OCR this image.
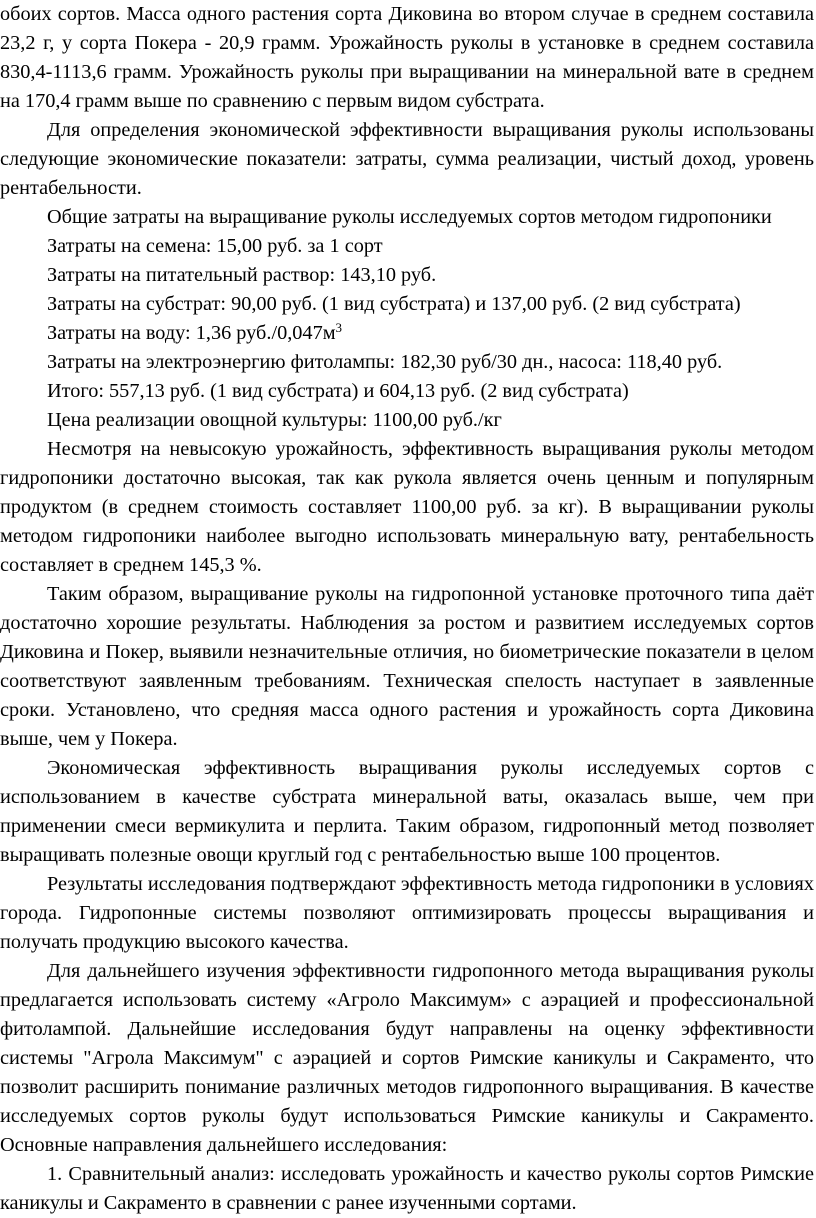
обоих сортов. Масса одного растения сорта Диковина во втором случае в среднем составила 23,2 г, у сорта Покера - 20,9 грамм. Урожайность руколы в установке в среднем составила 830,4-1113,6 грамм. Урожайность руколы при выращивании на минеральной вате в среднем на 170,4 грамм выше по сравнению с первым видом субстрата.

Для определения экономической эффективности выращивания руколы использованы следующие экономические показатели: затраты, сумма реализации, чистый доход, уровень рентабельности.

Общие затраты на выращивание руколы исследуемых сортов методом гидропоники

Затраты на семена: 15,00 руб. за 1 сорт

Затраты на питательный раствор: 143,10 руб.

Затраты на субстрат: 90,00 руб. (1 вид субстрата) и 137,00 руб. (2 вид субстрата)

Затраты на воду: 1,36 $руб./0,047м^3$

Затраты на электроэнергию фитолампы: 182,30 руб/30 дн., насоса: 118,40 руб.

Итого: 557,13 руб. (1 вид субстрата) и 604,13 руб. (2 вид субстрата)

Цена реализации овощной культуры: 1100,00 руб./кг

Несмотря на невысокую урожайность, эффективность выращивания руколы методом гидропоники достаточно высокая, так как рукола является очень ценным и популярным продуктом (в среднем стоимость составляет 1100,00 руб. за кг). В выращивании руколы методом гидропоники наиболее выгодно использовать минеральную вату, рентабельность составляет в среднем 145,3 %.

Таким образом, выращивание руколы на гидропонной установке проточного типа даёт достаточно хорошие результаты. Наблюдения за ростом и развитием исследуемых сортов Диковина и Покер, выявили незначительные отличия, но биометрические показатели в целом соответствуют заявленным требованиям. Техническая спелость наступает в заявленные сроки. Установлено, что средняя масса одного растения и урожайность сорта Диковина выше, чем у Покера.

Экономическая эффективность выращивания руколы исследуемых сортов с использованием в качестве субстрата минеральной ваты, оказалась выше, чем при применении смеси вермикулита и перлита. Таким образом, гидропонный метод позволяет выращивать полезные овощи круглый год с рентабельностью выше 100 процентов.

Результаты исследования подтверждают эффективность метода гидропоники в условиях города. Гидропонные системы позволяют оптимизировать процессы выращивания и получать продукцию высокого качества.

Для дальнейшего изучения эффективности гидропонного метода выращивания руколы предлагается использовать систему «Агроло Максимум» с аэрацией и профессиональной фитолампой. Дальнейшие исследования будут направлены на оценку эффективности системы "Агрола Максимум" с аэрацией и сортов Римские каникулы и Сакраменто, что позволит расширить понимание различных методов гидропонного выращивания. В качестве исследуемых сортов руколы будут использоваться Римские каникулы и Сакраменто. Основные направления дальнейшего исследования:

1. Сравнительный анализ: исследовать урожайность и качество руколы сортов Римские каникулы и Сакраменто в сравнении с ранее изученными сортами.
